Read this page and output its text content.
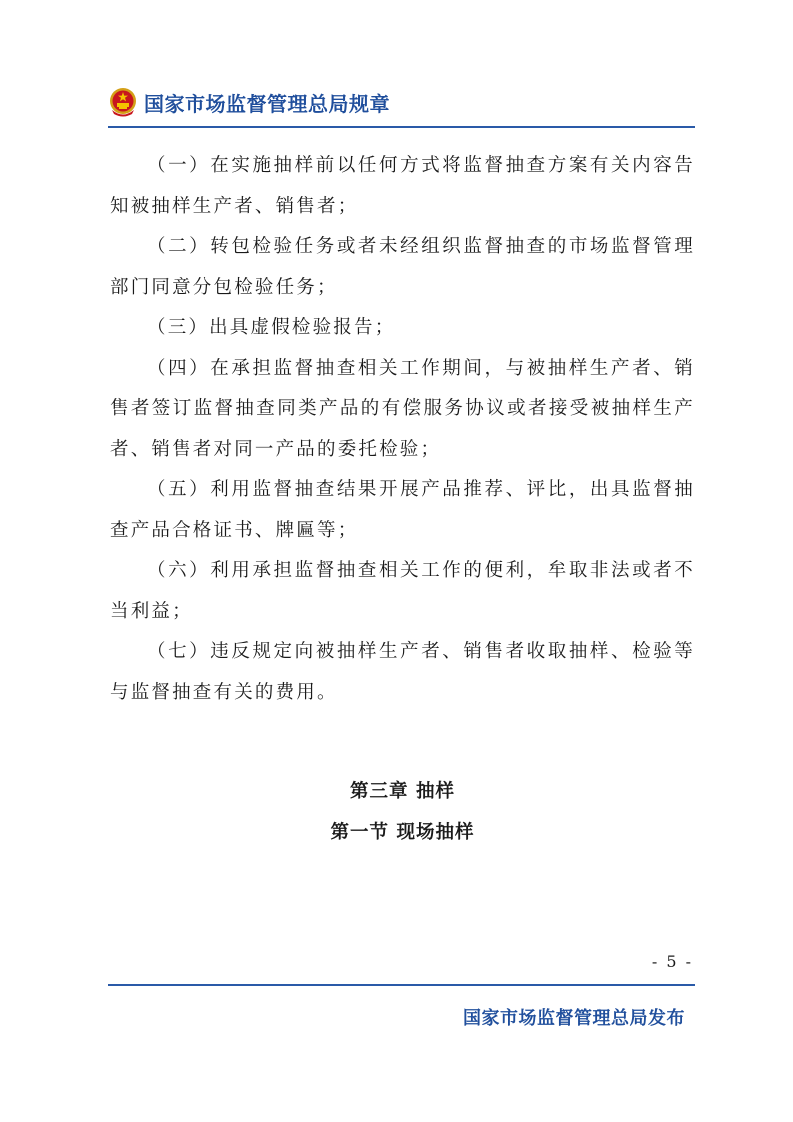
国家市场监督管理总局规章

（一）在实施抽样前以任何方式将监督抽查方案有关内容告知被抽样生产者、销售者；

（二）转包检验任务或者未经组织监督抽查的市场监督管理部门同意分包检验任务；

（三）出具虚假检验报告；

（四）在承担监督抽查相关工作期间，与被抽样生产者、销售者签订监督抽查同类产品的有偿服务协议或者接受被抽样生产者、销售者对同一产品的委托检验；

（五）利用监督抽查结果开展产品推荐、评比，出具监督抽查产品合格证书、牌匾等；

（六）利用承担监督抽查相关工作的便利，牟取非法或者不当利益；

（七）违反规定向被抽样生产者、销售者收取抽样、检验等与监督抽查有关的费用。

第三章 抽样
第一节 现场抽样
- 5 -
国家市场监督管理总局发布
